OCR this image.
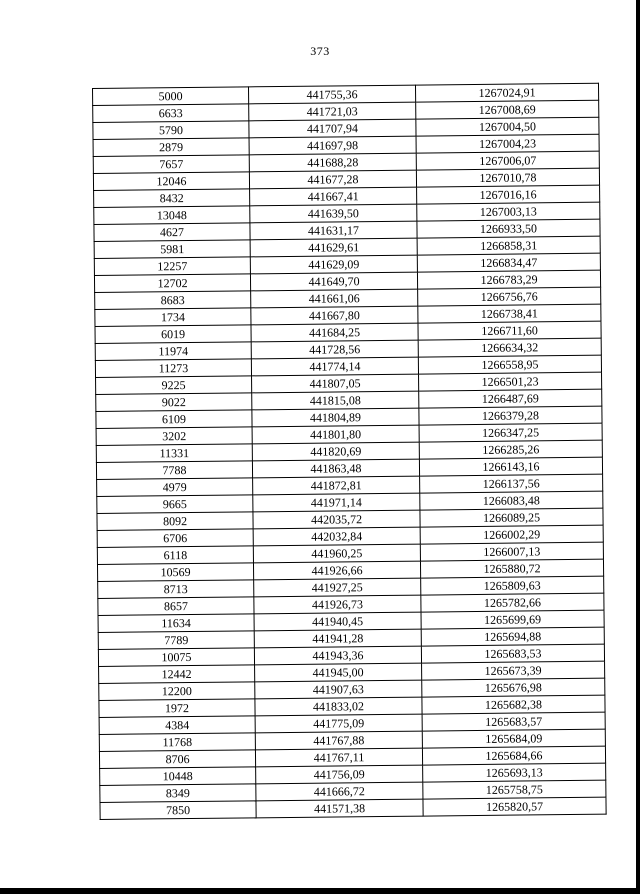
373
5000	441755,36	1267024,91
6633	441721,03	1267008,69
5790	441707,94	1267004,50
2879	441697,98	1267004,23
7657	441688,28	1267006,07
12046	441677,28	1267010,78
8432	441667,41	1267016,16
13048	441639,50	1267003,13
4627	441631,17	1266933,50
5981	441629,61	1266858,31
12257	441629,09	1266834,47
12702	441649,70	1266783,29
8683	441661,06	1266756,76
1734	441667,80	1266738,41
6019	441684,25	1266711,60
11974	441728,56	1266634,32
11273	441774,14	1266558,95
9225	441807,05	1266501,23
9022	441815,08	1266487,69
6109	441804,89	1266379,28
3202	441801,80	1266347,25
11331	441820,69	1266285,26
7788	441863,48	1266143,16
4979	441872,81	1266137,56
9665	441971,14	1266083,48
8092	442035,72	1266089,25
6706	442032,84	1266002,29
6118	441960,25	1266007,13
10569	441926,66	1265880,72
8713	441927,25	1265809,63
8657	441926,73	1265782,66
11634	441940,45	1265699,69
7789	441941,28	1265694,88
10075	441943,36	1265683,53
12442	441945,00	1265673,39
12200	441907,63	1265676,98
1972	441833,02	1265682,38
4384	441775,09	1265683,57
11768	441767,88	1265684,09
8706	441767,11	1265684,66
10448	441756,09	1265693,13
8349	441666,72	1265758,75
7850	441571,38	1265820,57
